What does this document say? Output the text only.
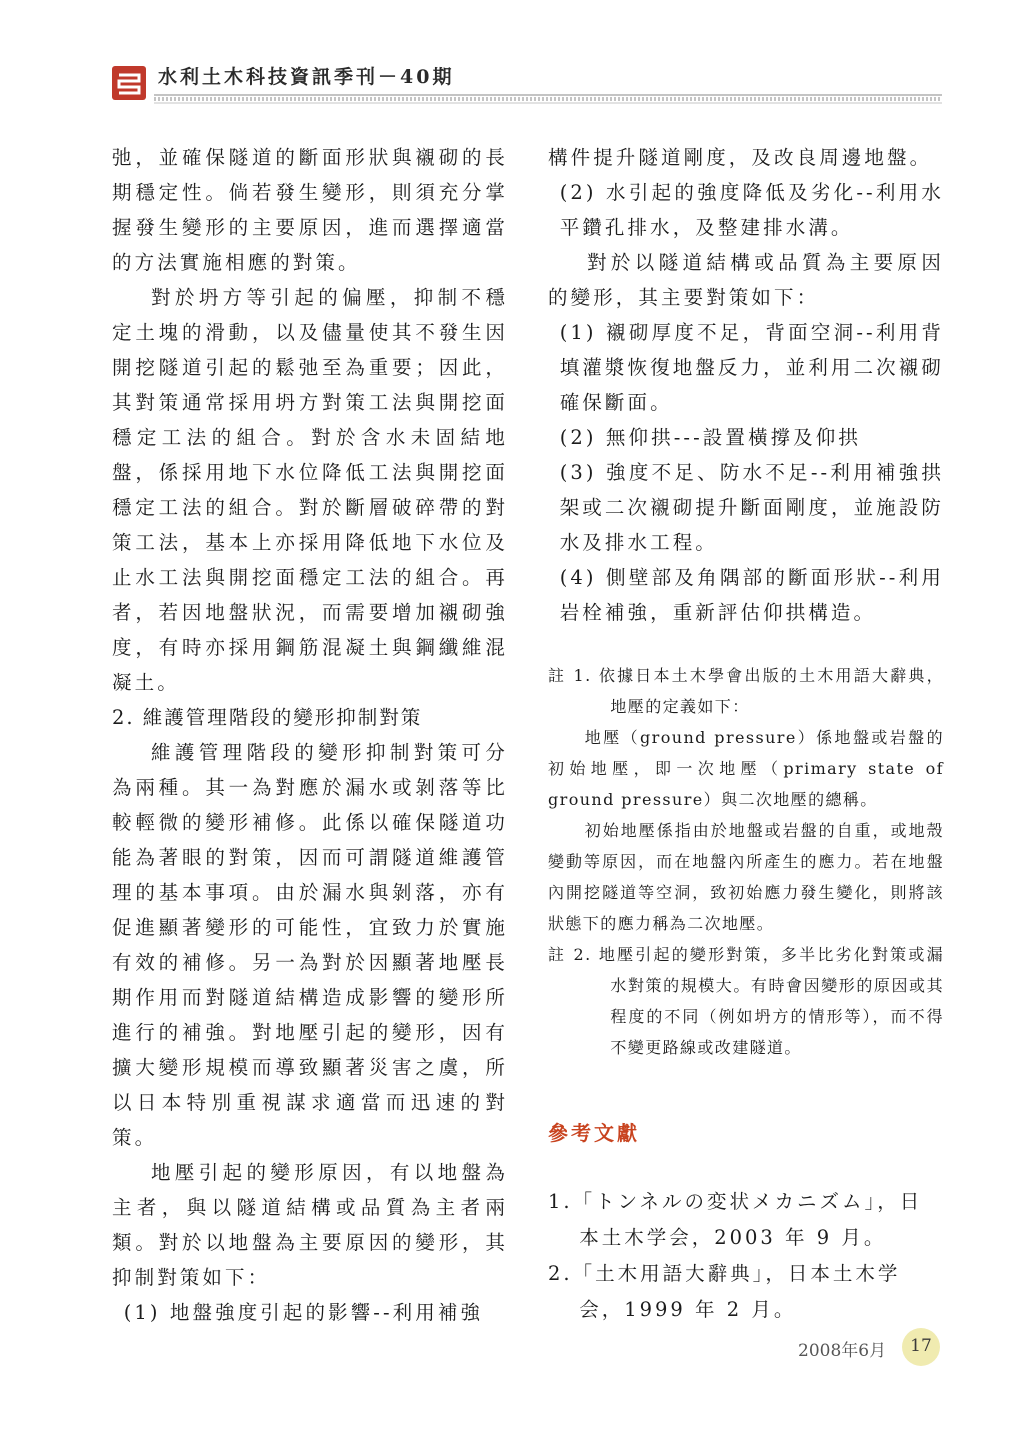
水利土木科技資訊季刊－40期

弛，並確保隧道的斷面形狀與襯砌的長期穩定性。倘若發生變形，則須充分掌握發生變形的主要原因，進而選擇適當的方法實施相應的對策。

對於坍方等引起的偏壓，抑制不穩定土塊的滑動，以及儘量使其不發生因開挖隧道引起的鬆弛至為重要；因此，其對策通常採用坍方對策工法與開挖面穩定工法的組合。對於含水未固結地盤，係採用地下水位降低工法與開挖面穩定工法的組合。對於斷層破碎帶的對策工法，基本上亦採用降低地下水位及止水工法與開挖面穩定工法的組合。再者，若因地盤狀況，而需要增加襯砌強度，有時亦採用鋼筋混凝土與鋼纖維混凝土。

2. 維護管理階段的變形抑制對策

維護管理階段的變形抑制對策可分為兩種。其一為對應於漏水或剝落等比較輕微的變形補修。此係以確保隧道功能為著眼的對策，因而可謂隧道維護管理的基本事項。由於漏水與剝落，亦有促進顯著變形的可能性，宜致力於實施有效的補修。另一為對於因顯著地壓長期作用而對隧道結構造成影響的變形所進行的補強。對地壓引起的變形，因有擴大變形規模而導致顯著災害之虞，所以日本特別重視謀求適當而迅速的對策。

地壓引起的變形原因，有以地盤為主者，與以隧道結構或品質為主者兩類。對於以地盤為主要原因的變形，其抑制對策如下：

(1) 地盤強度引起的影響--利用補強

構件提升隧道剛度，及改良周邊地盤。

(2) 水引起的強度降低及劣化--利用水平鑽孔排水，及整建排水溝。

對於以隧道結構或品質為主要原因的變形，其主要對策如下：

(1) 襯砌厚度不足，背面空洞--利用背填灌漿恢復地盤反力，並利用二次襯砌確保斷面。

(2) 無仰拱---設置橫撐及仰拱

(3) 強度不足、防水不足--利用補強拱架或二次襯砌提升斷面剛度，並施設防水及排水工程。

(4) 側壁部及角隅部的斷面形狀--利用岩栓補強，重新評估仰拱構造。

註 1. 依據日本土木學會出版的土木用語大辭典，地壓的定義如下：

地壓（ground pressure）係地盤或岩盤的初始地壓，即一次地壓（primary state of ground pressure）與二次地壓的總稱。

初始地壓係指由於地盤或岩盤的自重，或地殼變動等原因，而在地盤內所產生的應力。若在地盤內開挖隧道等空洞，致初始應力發生變化，則將該狀態下的應力稱為二次地壓。

註 2. 地壓引起的變形對策，多半比劣化對策或漏水對策的規模大。有時會因變形的原因或其程度的不同（例如坍方的情形等），而不得不變更路線或改建隧道。

參考文獻

1.「トンネルの変状メカニズム」，日本土木学会，2003 年 9 月。

2.「土木用語大辭典」，日本土木学会，1999 年 2 月。

2008年6月	17
